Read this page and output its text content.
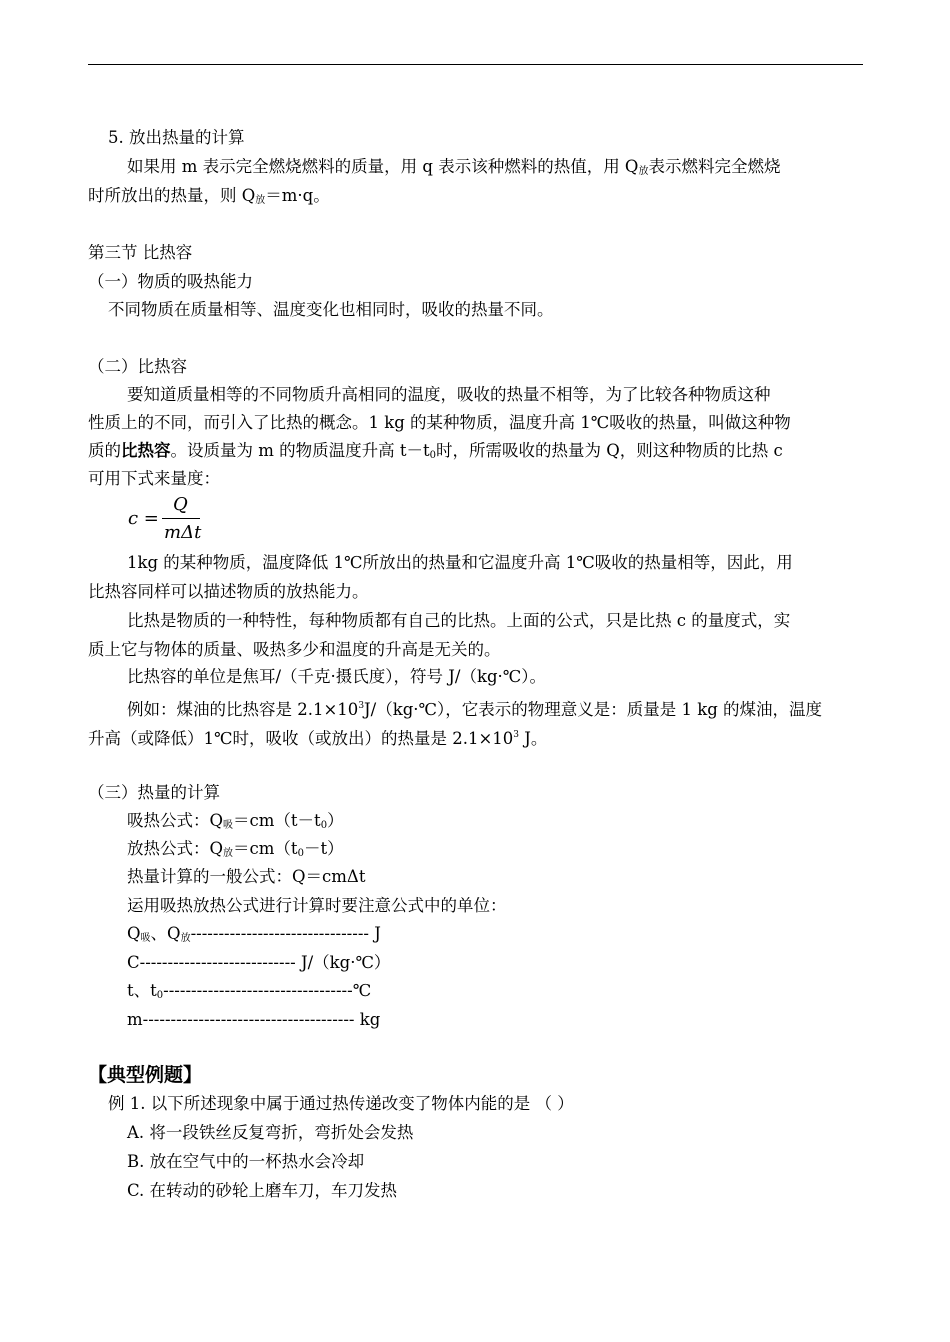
5. 放出热量的计算
如果用 m 表示完全燃烧燃料的质量，用 q 表示该种燃料的热值，用 $Q_放$表示燃料完全燃烧
时所放出的热量，则 $Q_放=m\cdot q$。
第三节 比热容
（一）物质的吸热能力
不同物质在质量相等、温度变化也相同时，吸收的热量不同。
（二）比热容
要知道质量相等的不同物质升高相同的温度，吸收的热量不相等，为了比较各种物质这种
性质上的不同，而引入了比热的概念。1 kg 的某种物质，温度升高 1℃吸收的热量，叫做这种物
质的比热容。设质量为 m 的物质温度升高 $t-t_0$时，所需吸收的热量为 Q，则这种物质的比热 c
可用下式来量度：
c =
Q
mΔt
1kg 的某种物质，温度降低 1℃所放出的热量和它温度升高 1℃吸收的热量相等，因此，用
比热容同样可以描述物质的放热能力。
比热是物质的一种特性，每种物质都有自己的比热。上面的公式，只是比热 c 的量度式，实
质上它与物体的质量、吸热多少和温度的升高是无关的。
比热容的单位是焦耳/（千克·摄氏度），符号 J/（kg·℃）。
例如：煤油的比热容是 $2.1\times 10^3J/(kg\cdot℃)$，它表示的物理意义是：质量是 1 kg 的煤油，温度
升高（或降低）1℃时，吸收（或放出）的热量是 $2.1\times 10^3$ J。
（三）热量的计算
吸热公式：$Q_吸=cm(t-t_0)$
放热公式：$Q_放=cm(t_0-t)$
热量计算的一般公式：Q＝cmΔt
运用吸热放热公式进行计算时要注意公式中的单位：
$Q_吸$、$Q_放--------------------------------$ J
C---------------------------- J/（kg·℃）
t、$t_0----------------------------------℃$
m-------------------------------------- kg
【典型例题】
例 1. 以下所述现象中属于通过热传递改变了物体内能的是 （ ）
A. 将一段铁丝反复弯折，弯折处会发热
B. 放在空气中的一杯热水会冷却
C. 在转动的砂轮上磨车刀，车刀发热
